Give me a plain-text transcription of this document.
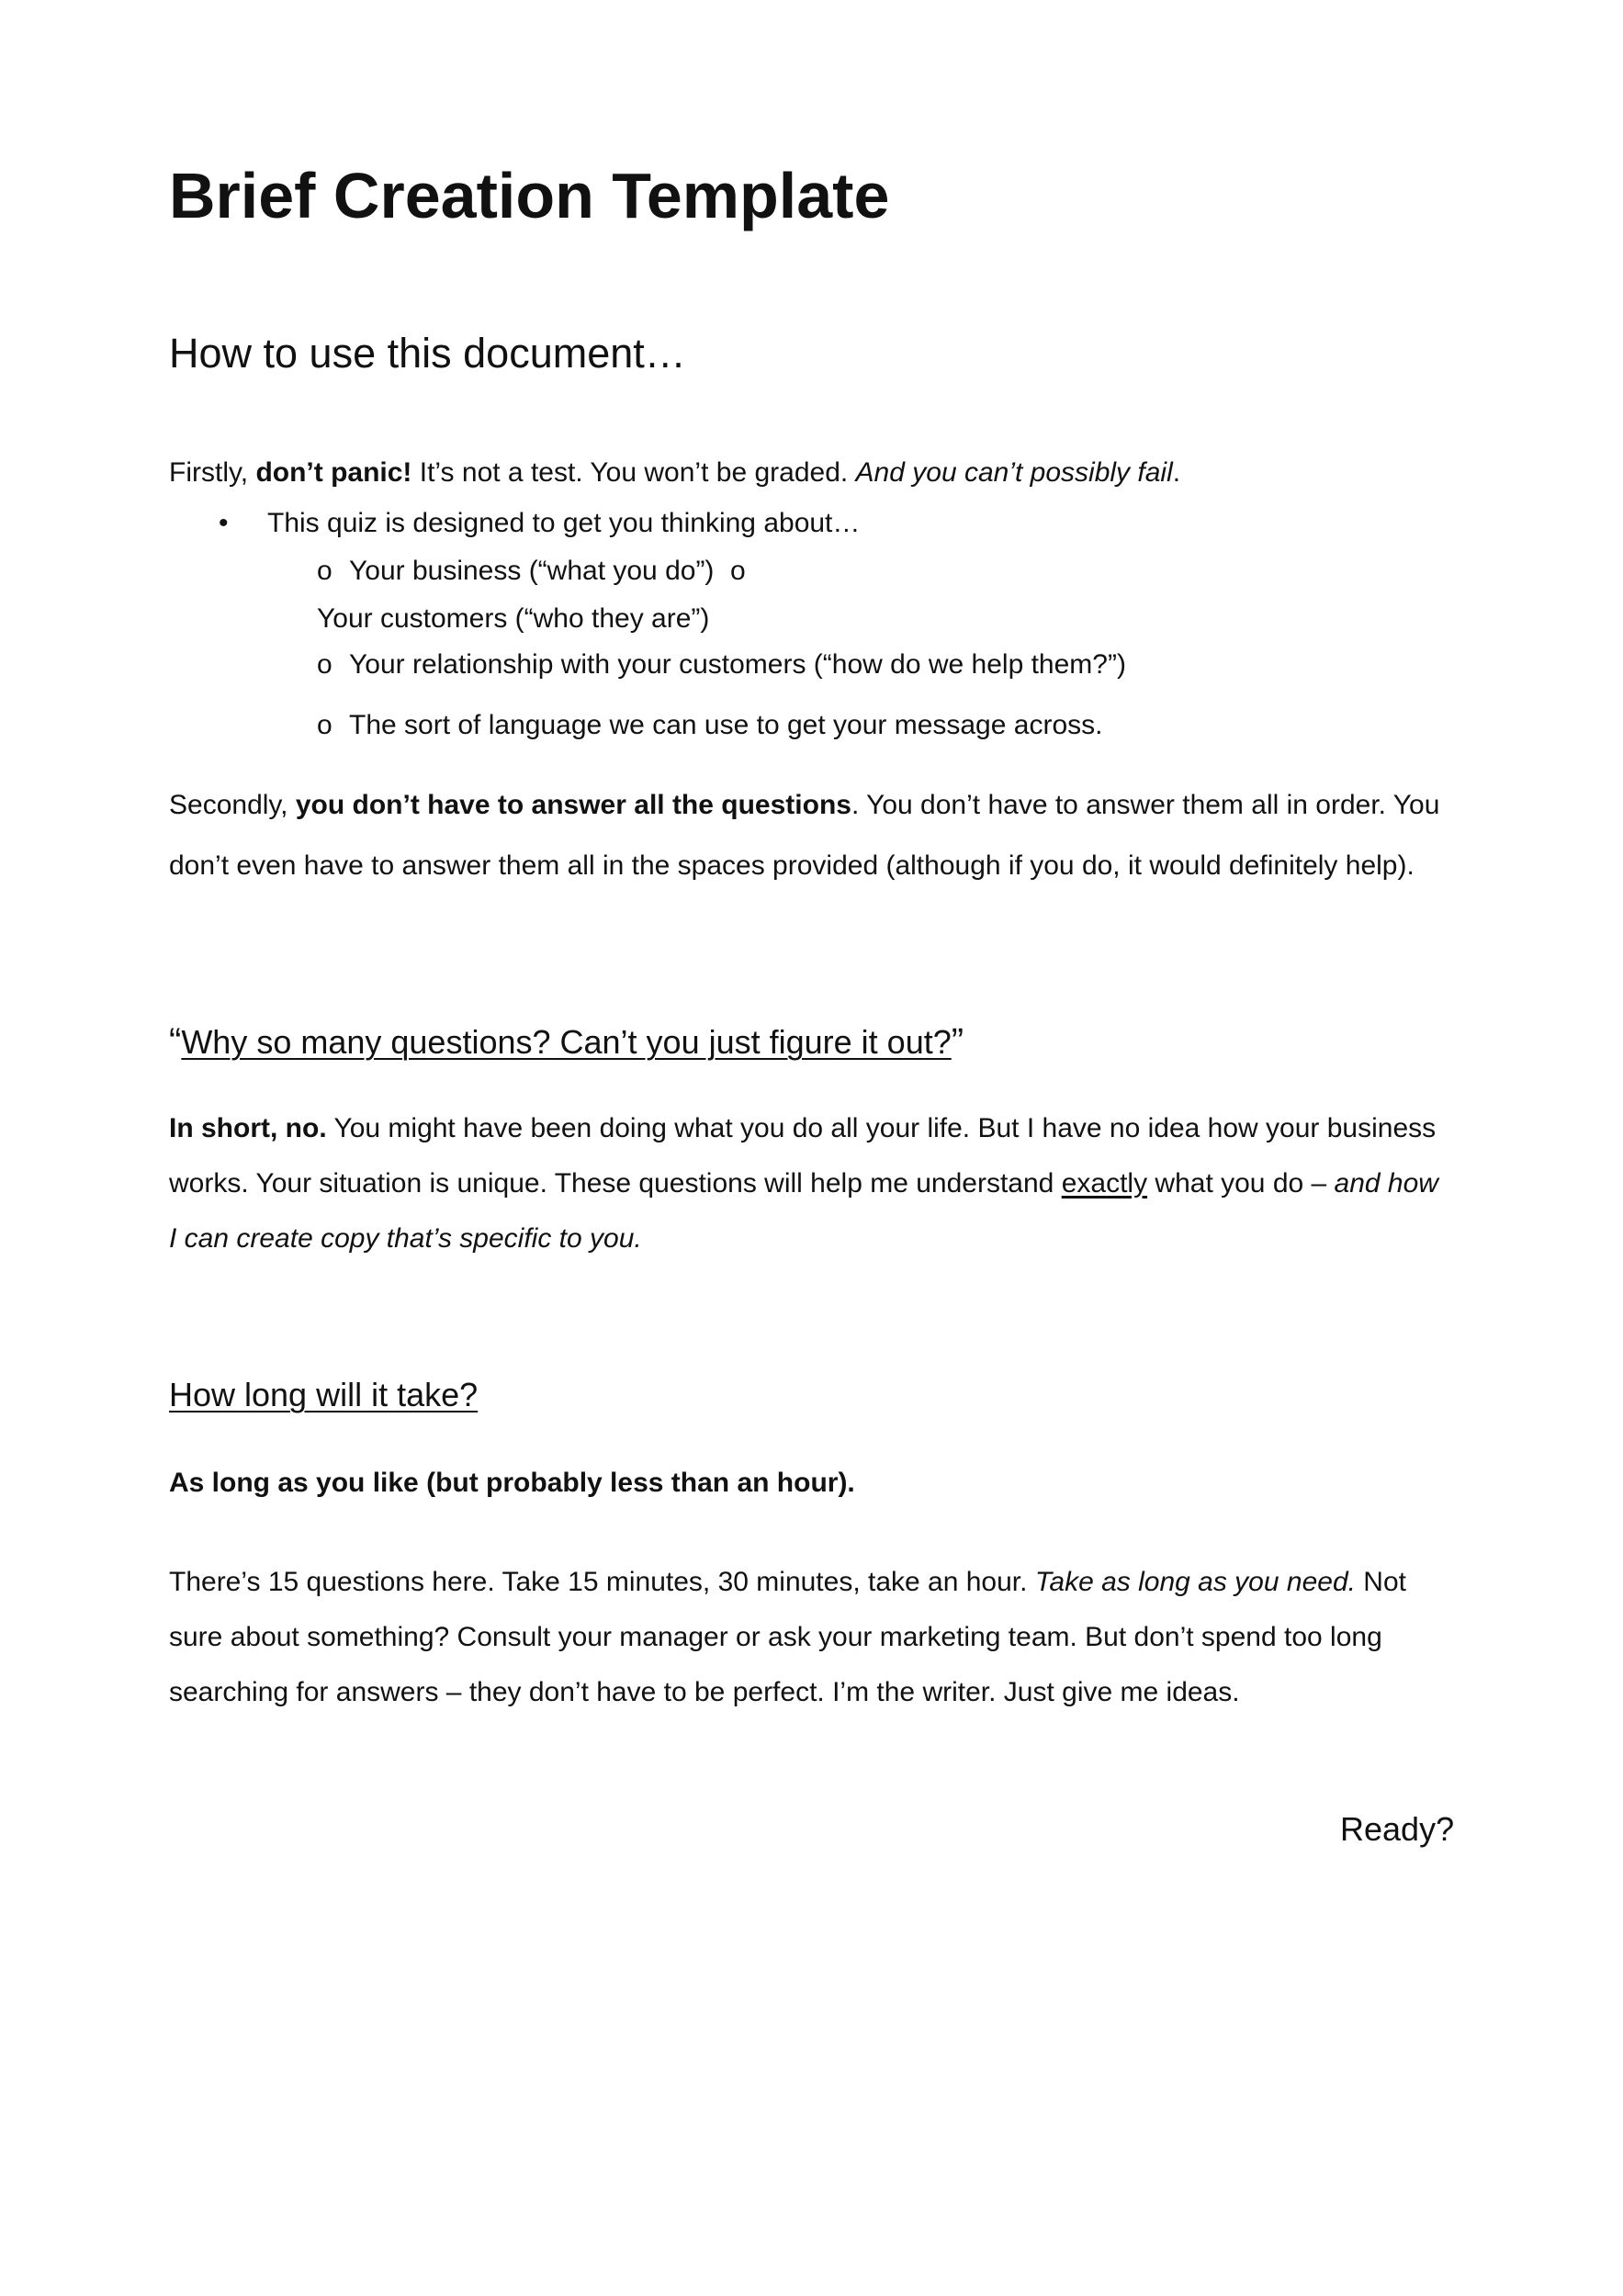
Brief Creation Template
How to use this document…
Firstly, don’t panic! It’s not a test. You won’t be graded. And you can’t possibly fail.
• This quiz is designed to get you thinking about…
o Your business (“what you do”) o
Your customers (“who they are”)
o Your relationship with your customers (“how do we help them?”)
o The sort of language we can use to get your message across.
Secondly, you don’t have to answer all the questions. You don’t have to answer them all in order. You
don’t even have to answer them all in the spaces provided (although if you do, it would definitely help).
“Why so many questions? Can’t you just figure it out?”
In short, no. You might have been doing what you do all your life. But I have no idea how your business
works. Your situation is unique. These questions will help me understand exactly what you do – and how
I can create copy that’s specific to you.
How long will it take?
As long as you like (but probably less than an hour).
There’s 15 questions here. Take 15 minutes, 30 minutes, take an hour. Take as long as you need. Not
sure about something? Consult your manager or ask your marketing team. But don’t spend too long
searching for answers – they don’t have to be perfect. I’m the writer. Just give me ideas.
Ready?
